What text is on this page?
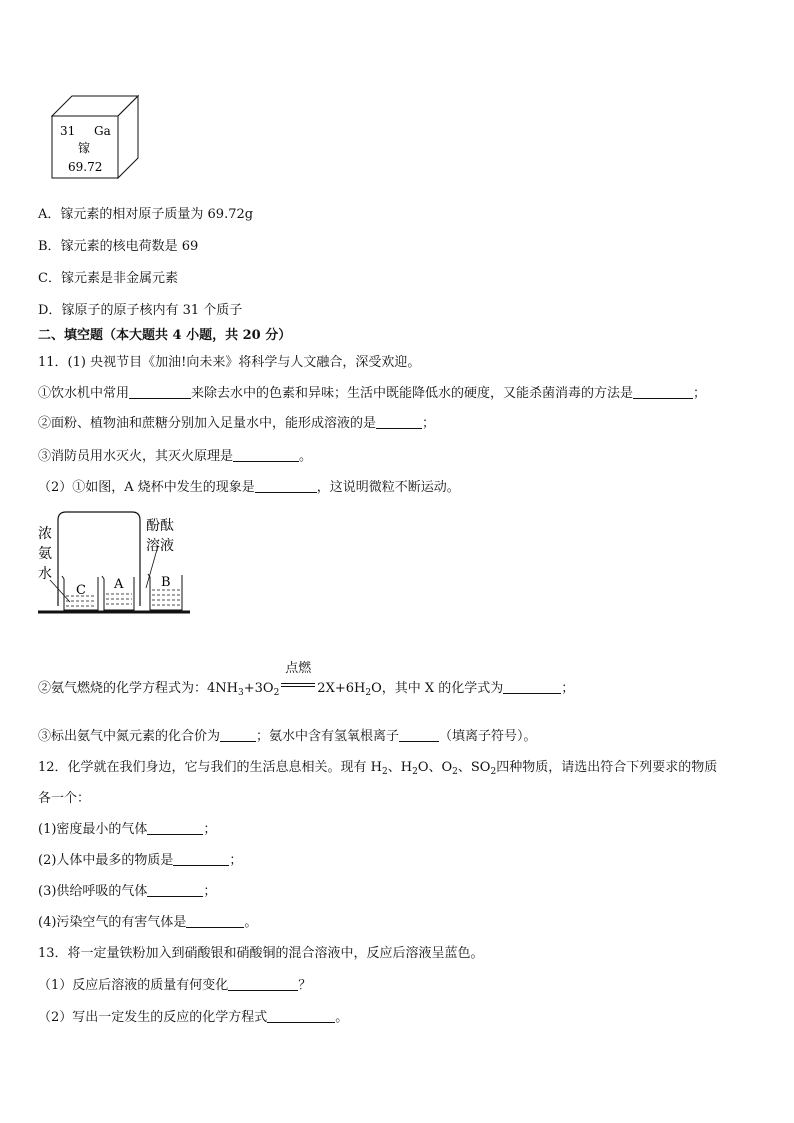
31 Ga
镓
69.72
A．镓元素的相对原子质量为 69.72g
B．镓元素的核电荷数是 69
C．镓元素是非金属元素
D．镓原子的原子核内有 31 个质子
二、填空题（本大题共 4 小题，共 20 分）
11．(1) 央视节目《加油!向未来》将科学与人文融合，深受欢迎。
①饮水机中常用	来除去水中的色素和异味；生活中既能降低水的硬度，又能杀菌消毒的方法是	；
②面粉、植物油和蔗糖分别加入足量水中，能形成溶液的是	；
③消防员用水灭火，其灭火原理是	。
（2）①如图，A 烧杯中发生的现象是	，这说明微粒不断运动。
C A	B
浓
氨
水
酚酞
溶液
②氨气燃烧的化学方程式为：$4NH_3+3O_2$
点燃
$2X+6H_2O$，其中 X 的化学式为	；
③标出氨气中氮元素的化合价为	；氨水中含有氢氧根离子	（填离子符号）。
12．化学就在我们身边，它与我们的生活息息相关。现有 $H_2$、$H_2O$、$O_2$、$SO_2$四种物质，请选出符合下列要求的物质
各一个：
(1)密度最小的气体	；
(2)人体中最多的物质是	；
(3)供给呼吸的气体	；
(4)污染空气的有害气体是	。
13．将一定量铁粉加入到硝酸银和硝酸铜的混合溶液中，反应后溶液呈蓝色。
（1）反应后溶液的质量有何变化	？
（2）写出一定发生的反应的化学方程式	。
